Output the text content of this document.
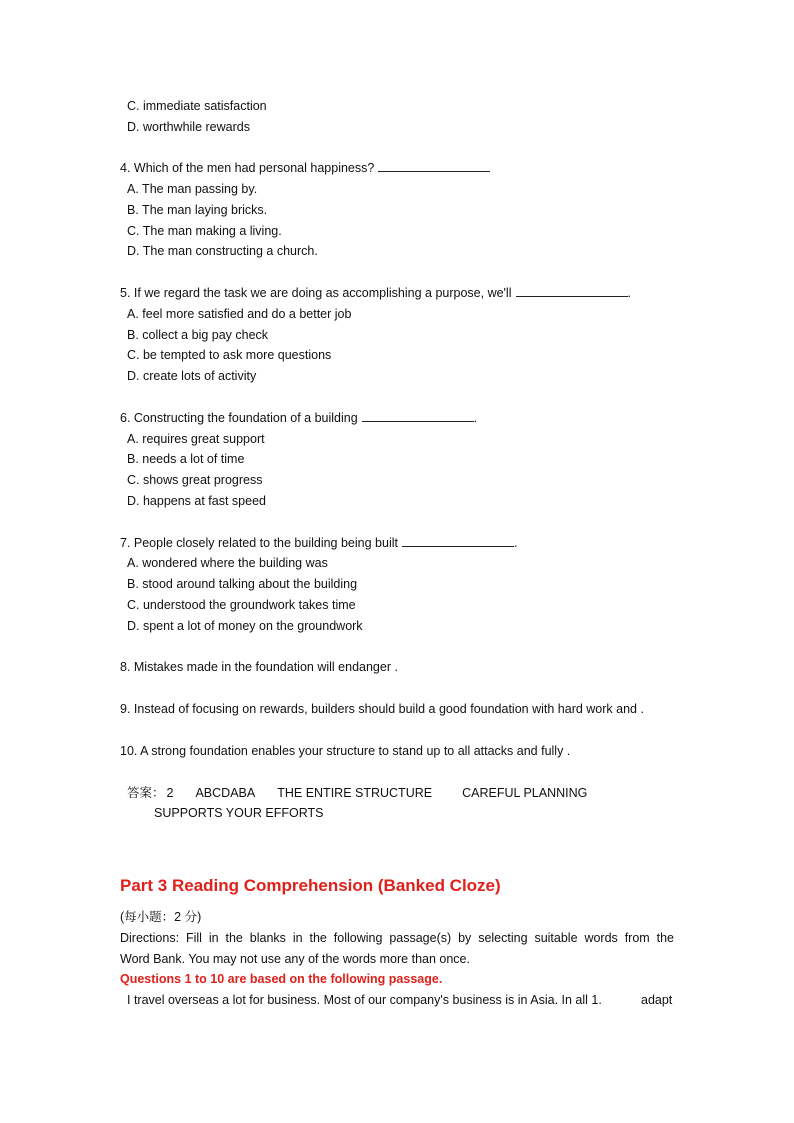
C. immediate satisfaction
D. worthwhile rewards
4. Which of the men had personal happiness?
A. The man passing by.
B. The man laying bricks.
C. The man making a living.
D. The man constructing a church.
5. If we regard the task we are doing as accomplishing a purpose, we'll	.
A. feel more satisfied and do a better job
B. collect a big pay check
C. be tempted to ask more questions
D. create lots of activity
6. Constructing the foundation of a building	.
A. requires great support
B. needs a lot of time
C. shows great progress
D. happens at fast speed
7. People closely related to the building being built	.
A. wondered where the building was
B. stood around talking about the building
C. understood the groundwork takes time
D. spent a lot of money on the groundwork
8. Mistakes made in the foundation will endanger .
9. Instead of focusing on rewards, builders should build a good foundation with hard work and .
10. A strong foundation enables your structure to stand up to all attacks and fully .
答案： 2 ABCDABA THE ENTIRE STRUCTURE CAREFUL PLANNING
SUPPORTS YOUR EFFORTS
Part 3 Reading Comprehension (Banked Cloze)
(每小题：2 分)
Directions: Fill in the blanks in the following passage(s) by selecting suitable words from the
Word Bank. You may not use any of the words more than once.
Questions 1 to 10 are based on the following passage.
I travel overseas a lot for business. Most of our company's business is in Asia. In all 1.	adapt
